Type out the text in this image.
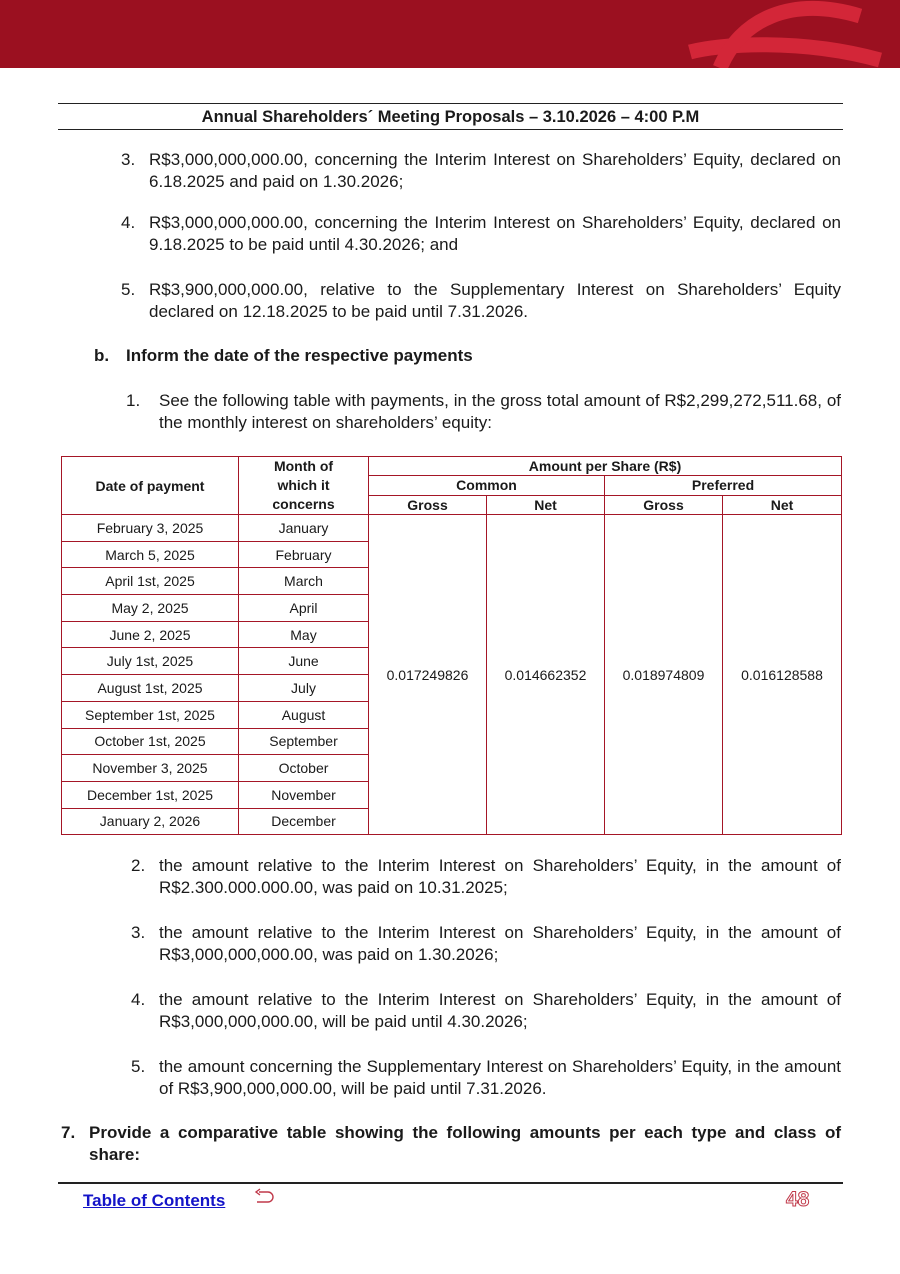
Annual Shareholders´ Meeting Proposals – 3.10.2026 – 4:00 P.M
3. R$3,000,000,000.00, concerning the Interim Interest on Shareholders’ Equity, declared on 6.18.2025 and paid on 1.30.2026;
4. R$3,000,000,000.00, concerning the Interim Interest on Shareholders’ Equity, declared on 9.18.2025 to be paid until 4.30.2026; and
5. R$3,900,000,000.00, relative to the Supplementary Interest on Shareholders’ Equity declared on 12.18.2025 to be paid until 7.31.2026.
b. Inform the date of the respective payments
1. See the following table with payments, in the gross total amount of R$2,299,272,511.68, of the monthly interest on shareholders’ equity:
Date of payment	Month of which it concerns	Amount per Share (R$)			
		Common		Preferred	
		Gross	Net	Gross	Net
February 3, 2025	January	0.017249826	0.014662352	0.018974809	0.016128588
March 5, 2025	February				
April 1st, 2025	March				
May 2, 2025	April				
June 2, 2025	May				
July 1st, 2025	June				
August 1st, 2025	July				
September 1st, 2025	August				
October 1st, 2025	September				
November 3, 2025	October				
December 1st, 2025	November				
January 2, 2026	December				
2. the amount relative to the Interim Interest on Shareholders’ Equity, in the amount of R$2.300.000.000.00, was paid on 10.31.2025;
3. the amount relative to the Interim Interest on Shareholders’ Equity, in the amount of R$3,000,000,000.00, was paid on 1.30.2026;
4. the amount relative to the Interim Interest on Shareholders’ Equity, in the amount of R$3,000,000,000.00, will be paid until 4.30.2026;
5. the amount concerning the Supplementary Interest on Shareholders’ Equity, in the amount of R$3,900,000,000.00, will be paid until 7.31.2026.
7. Provide a comparative table showing the following amounts per each type and class of share:
Table of Contents	48
